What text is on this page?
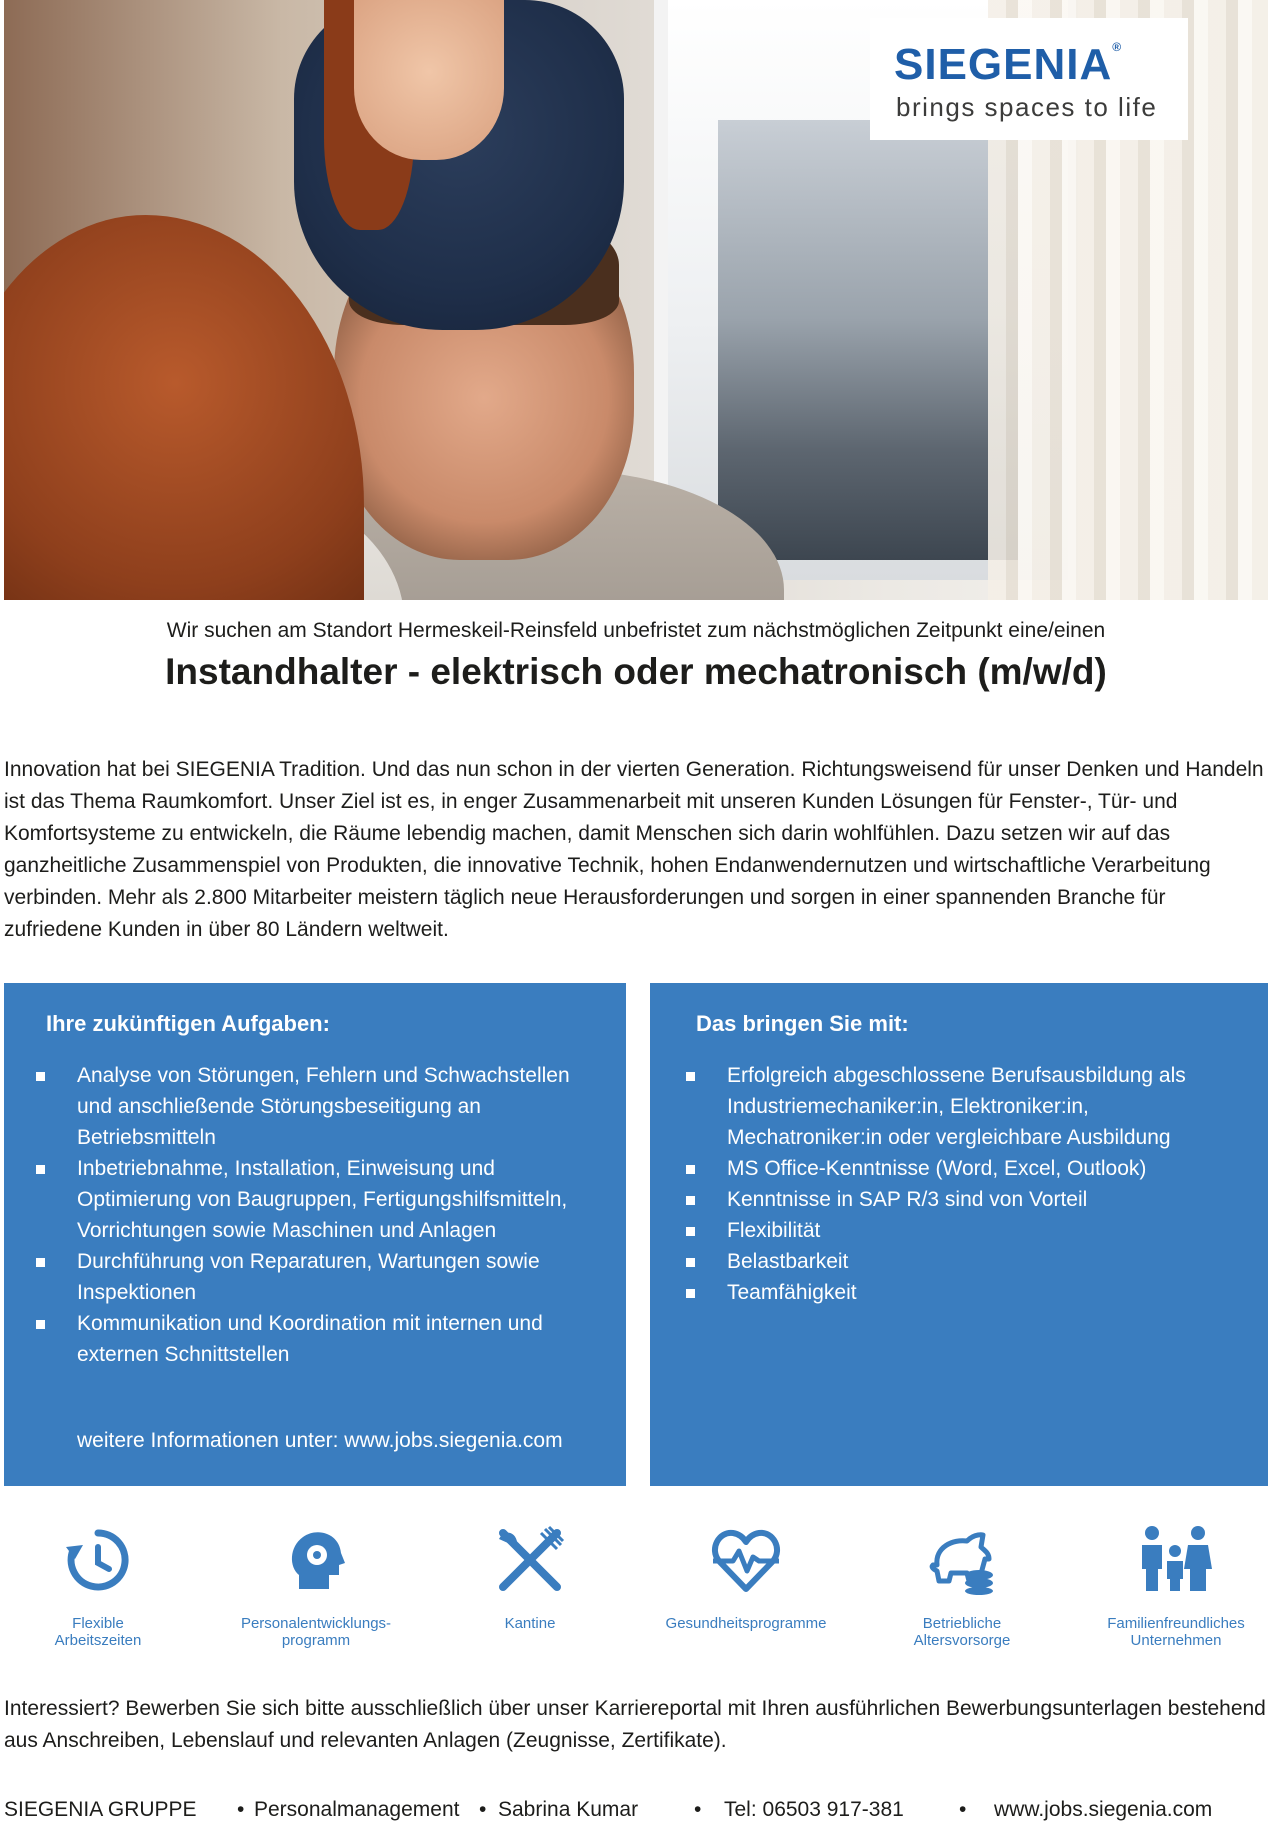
SIEGENIA®
brings spaces to life
Wir suchen am Standort Hermeskeil-Reinsfeld unbefristet zum nächstmöglichen Zeitpunkt eine/einen
Instandhalter - elektrisch oder mechatronisch (m/w/d)
Innovation hat bei SIEGENIA Tradition. Und das nun schon in der vierten Generation. Richtungsweisend für unser Denken und Handeln ist das Thema Raumkomfort. Unser Ziel ist es, in enger Zusammenarbeit mit unseren Kunden Lösungen für Fenster-, Tür- und Komfortsysteme zu entwickeln, die Räume lebendig machen, damit Menschen sich darin wohlfühlen. Dazu setzen wir auf das ganzheitliche Zusammenspiel von Produkten, die innovative Technik, hohen Endanwendernutzen und wirtschaftliche Verarbeitung verbinden. Mehr als 2.800 Mitarbeiter meistern täglich neue Herausforderungen und sorgen in einer spannenden Branche für zufriedene Kunden in über 80 Ländern weltweit.
Ihre zukünftigen Aufgaben:
Analyse von Störungen, Fehlern und Schwachstellen und anschließende Störungsbeseitigung an Betriebsmitteln
Inbetriebnahme, Installation, Einweisung und Optimierung von Baugruppen, Fertigungshilfsmitteln, Vorrichtungen sowie Maschinen und Anlagen
Durchführung von Reparaturen, Wartungen sowie Inspektionen
Kommunikation und Koordination mit internen und externen Schnittstellen
weitere Informationen unter: www.jobs.siegenia.com
Das bringen Sie mit:
Erfolgreich abgeschlossene Berufsausbildung als Industriemechaniker:in, Elektroniker:in, Mechatroniker:in oder vergleichbare Ausbildung
MS Office-Kenntnisse (Word, Excel, Outlook)
Kenntnisse in SAP R/3 sind von Vorteil
Flexibilität
Belastbarkeit
Teamfähigkeit
Flexible
Arbeitszeiten
Personalentwicklungs-
programm
Kantine	Gesundheitsprogramme	Betriebliche
Altersvorsorge
Familienfreundliches
Unternehmen
Interessiert? Bewerben Sie sich bitte ausschließlich über unser Karriereportal mit Ihren ausführlichen Bewerbungsunterlagen bestehend aus Anschreiben, Lebenslauf und relevanten Anlagen (Zeugnisse, Zertifikate).
SIEGENIA GRUPPE • Personalmanagement • Sabrina Kumar	• Tel: 06503 917-381	• www.jobs.siegenia.com
